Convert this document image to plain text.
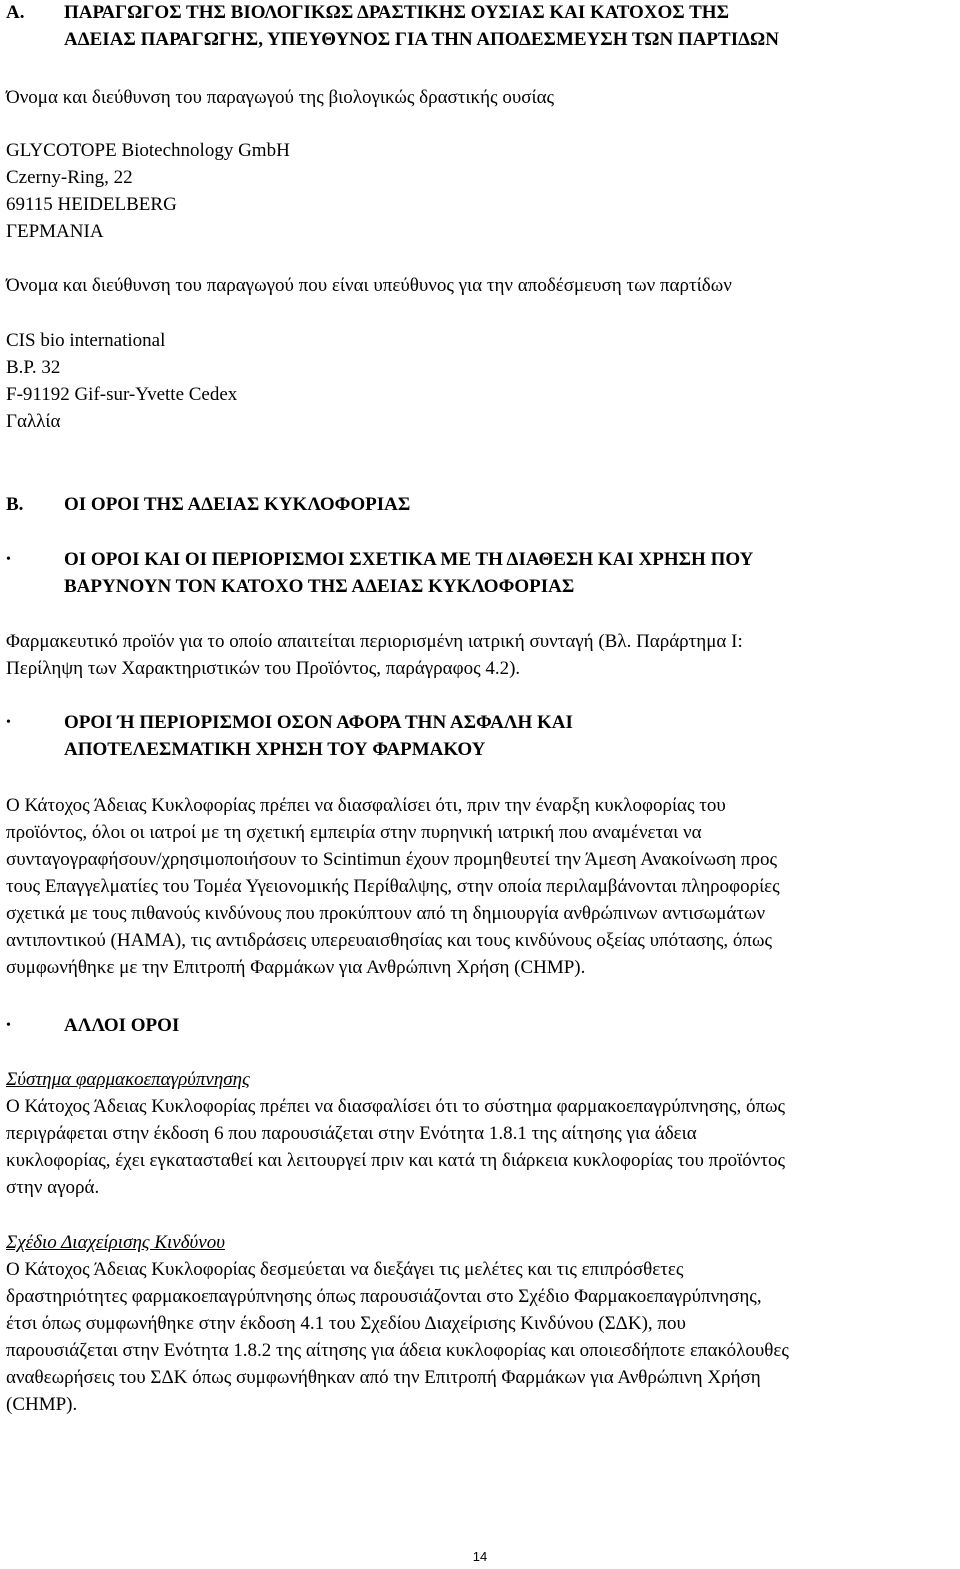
A. ΠΑΡΑΓΩΓΟΣ ΤΗΣ ΒΙΟΛΟΓΙΚΩΣ ΔΡΑΣΤΙΚΗΣ ΟΥΣΙΑΣ ΚΑΙ ΚΑΤΟΧΟΣ ΤΗΣ
ΑΔΕΙΑΣ ΠΑΡΑΓΩΓΗΣ, ΥΠΕΥΘΥΝΟΣ ΓΙΑ ΤΗΝ ΑΠΟΔΕΣΜΕΥΣΗ ΤΩΝ ΠΑΡΤΙΔΩΝ
Όνομα και διεύθυνση του παραγωγού της βιολογικώς δραστικής ουσίας
GLYCOTOPE Biotechnology GmbH
Czerny-Ring, 22
69115 HEIDELBERG
ΓΕΡΜΑΝΙΑ
Όνομα και διεύθυνση του παραγωγού που είναι υπεύθυνος για την αποδέσμευση των παρτίδων
CIS bio international
B.P. 32
F-91192 Gif-sur-Yvette Cedex
Γαλλία
B. ΟΙ ΟΡΟΙ ΤΗΣ ΑΔΕΙΑΣ ΚΥΚΛΟΦΟΡΙΑΣ
•	ΟΙ ΟΡΟΙ ΚΑΙ ΟΙ ΠΕΡΙΟΡΙΣΜΟΙ ΣΧΕΤΙΚΑ ΜΕ ΤΗ ΔΙΑΘΕΣΗ ΚΑΙ ΧΡΗΣΗ ΠΟΥ
ΒΑΡΥΝΟΥΝ ΤΟΝ ΚΑΤΟΧΟ ΤΗΣ ΑΔΕΙΑΣ ΚΥΚΛΟΦΟΡΙΑΣ
Φαρμακευτικό προϊόν για το οποίο απαιτείται περιορισμένη ιατρική συνταγή (Βλ. Παράρτημα Ι:
Περίληψη των Χαρακτηριστικών του Προϊόντος, παράγραφος 4.2).
•	ΟΡΟΙ Ή ΠΕΡΙΟΡΙΣΜΟΙ ΟΣΟΝ ΑΦΟΡΑ ΤΗΝ ΑΣΦΑΛΗ ΚΑΙ
ΑΠΟΤΕΛΕΣΜΑΤΙΚΗ ΧΡΗΣΗ ΤΟΥ ΦΑΡΜΑΚΟΥ
Ο Κάτοχος Άδειας Κυκλοφορίας πρέπει να διασφαλίσει ότι, πριν την έναρξη κυκλοφορίας του
προϊόντος, όλοι οι ιατροί με τη σχετική εμπειρία στην πυρηνική ιατρική που αναμένεται να
συνταγογραφήσουν/χρησιμοποιήσουν το Scintimun έχουν προμηθευτεί την Άμεση Ανακοίνωση προς
τους Επαγγελματίες του Τομέα Υγειονομικής Περίθαλψης, στην οποία περιλαμβάνονται πληροφορίες
σχετικά με τους πιθανούς κινδύνους που προκύπτουν από τη δημιουργία ανθρώπινων αντισωμάτων
αντιποντικού (HAMA), τις αντιδράσεις υπερευαισθησίας και τους κινδύνους οξείας υπότασης, όπως
συμφωνήθηκε με την Επιτροπή Φαρμάκων για Ανθρώπινη Χρήση (CHMP).
•	ΑΛΛΟΙ ΟΡΟΙ
Σύστημα φαρμακοεπαγρύπνησης
Ο Κάτοχος Άδειας Κυκλοφορίας πρέπει να διασφαλίσει ότι το σύστημα φαρμακοεπαγρύπνησης, όπως
περιγράφεται στην έκδοση 6 που παρουσιάζεται στην Ενότητα 1.8.1 της αίτησης για άδεια
κυκλοφορίας, έχει εγκατασταθεί και λειτουργεί πριν και κατά τη διάρκεια κυκλοφορίας του προϊόντος
στην αγορά.
Σχέδιο Διαχείρισης Κινδύνου
Ο Κάτοχος Άδειας Κυκλοφορίας δεσμεύεται να διεξάγει τις μελέτες και τις επιπρόσθετες
δραστηριότητες φαρμακοεπαγρύπνησης όπως παρουσιάζονται στο Σχέδιο Φαρμακοεπαγρύπνησης,
έτσι όπως συμφωνήθηκε στην έκδοση 4.1 του Σχεδίου Διαχείρισης Κινδύνου (ΣΔΚ), που
παρουσιάζεται στην Ενότητα 1.8.2 της αίτησης για άδεια κυκλοφορίας και οποιεσδήποτε επακόλουθες
αναθεωρήσεις του ΣΔΚ όπως συμφωνήθηκαν από την Επιτροπή Φαρμάκων για Ανθρώπινη Χρήση
(CHMP).
14
